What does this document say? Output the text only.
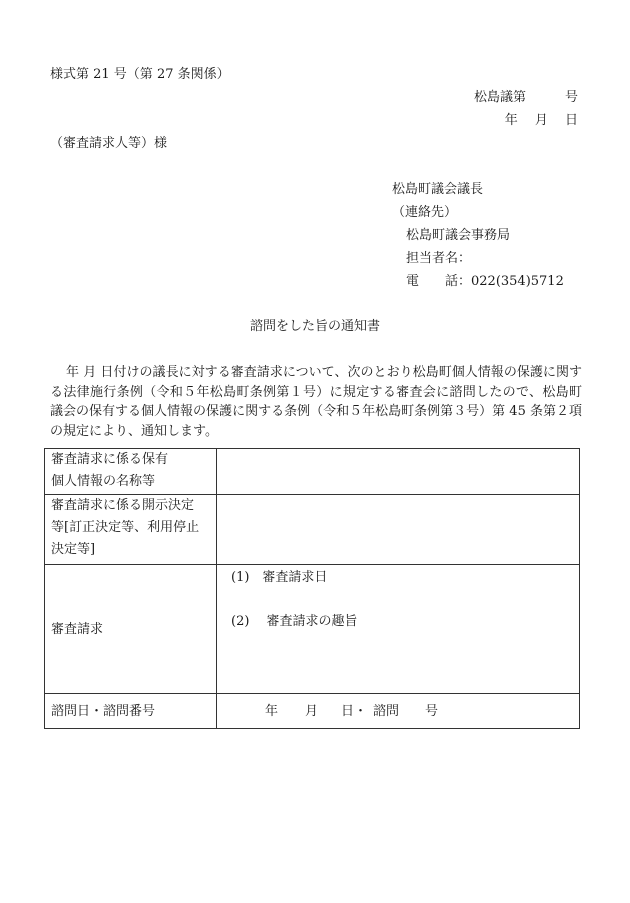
様式第 21 号（第 27 条関係）
松島議第　　　号
年　 月　 日
（審査請求人等）様
松島町議会議長
（連絡先）
松島町議会事務局
担当者名：
電　　話：022(354)5712
諮問をした旨の通知書
年 月 日付けの議長に対する審査請求について、次のとおり松島町個人情報の保護に関する法律施行条例（令和５年松島町条例第１号）に規定する審査会に諮問したので、松島町議会の保有する個人情報の保護に関する条例（令和５年松島町条例第３号）第 45 条第２項の規定により、通知します。
審査請求に係る保有
個人情報の名称等	

審査請求に係る開示決定
等[訂正決定等、利用停止
決定等]	

審査請求	(1)　審査請求日
(2)　 審査請求の趣旨

諮問日・諮問番号	年 月 日・ 諮問 号
